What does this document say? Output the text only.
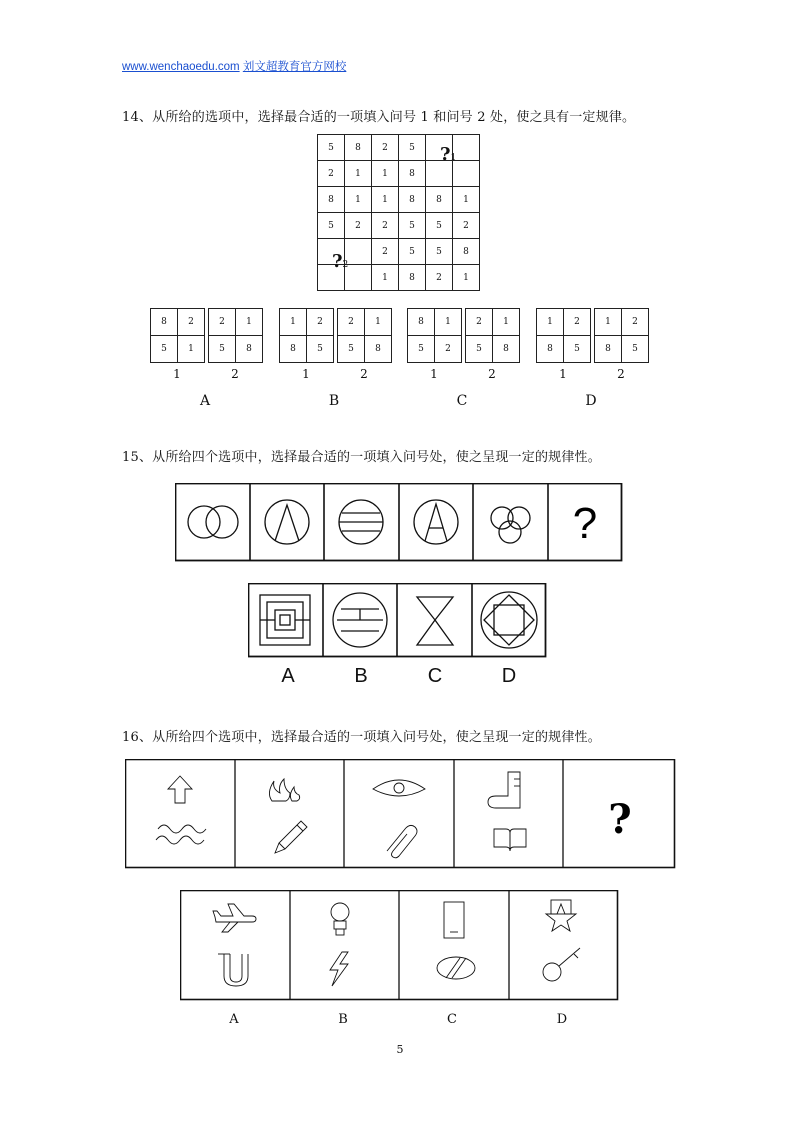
www.wenchaoedu.com 刘文超教育官方网校
14、从所给的选项中，选择最合适的一项填入问号 1 和问号 2 处，使之具有一定规律。
5	8	2	5		
2	1	1	8		
8	1	1	8	8	1
5	2	2	5	5	2
		2	5	5	8
		1	8	2	1
?1
?2
8	2
5	1
1
2	1
5	8
2
A
1	2
8	5
1
2	1
5	8
2
B
8	1
5	2
1
2	1
5	8
2
C
1	2
8	5
1
1	2
8	5
2
D
15、从所给四个选项中，选择最合适的一项填入问号处，使之呈现一定的规律性。
?
A	B	C	D
16、从所给四个选项中，选择最合适的一项填入问号处，使之呈现一定的规律性。
?
A	B	C	D
5
